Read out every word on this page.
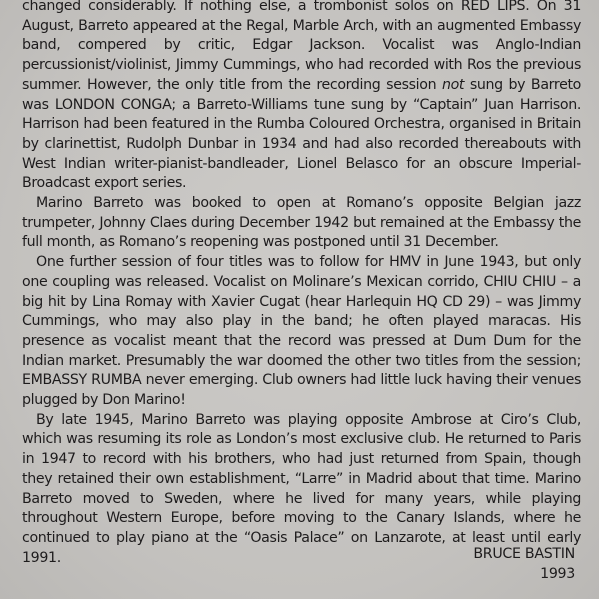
changed considerably. If nothing else, a trombonist solos on RED LIPS. On 31 August, Barreto appeared at the Regal, Marble Arch, with an augmented Embassy band, compered by critic, Edgar Jackson. Vocalist was Anglo-Indian percussionist/violinist, Jimmy Cummings, who had recorded with Ros the previous summer. However, the only title from the recording session not sung by Barreto was LONDON CONGA; a Barreto-Williams tune sung by “Captain” Juan Harrison. Harrison had been featured in the Rumba Coloured Orchestra, organised in Britain by clarinettist, Rudolph Dunbar in 1934 and had also recorded thereabouts with West Indian writer-pianist-bandleader, Lionel Belasco for an obscure Imperial-Broadcast export series.

Marino Barreto was booked to open at Romano’s opposite Belgian jazz trumpeter, Johnny Claes during December 1942 but remained at the Embassy the full month, as Romano’s reopening was postponed until 31 December.

One further session of four titles was to follow for HMV in June 1943, but only one coupling was released. Vocalist on Molinare’s Mexican corrido, CHIU CHIU – a big hit by Lina Romay with Xavier Cugat (hear Harlequin HQ CD 29) – was Jimmy Cummings, who may also play in the band; he often played maracas. His presence as vocalist meant that the record was pressed at Dum Dum for the Indian market. Presumably the war doomed the other two titles from the session; EMBASSY RUMBA never emerging. Club owners had little luck having their venues plugged by Don Marino!

By late 1945, Marino Barreto was playing opposite Ambrose at Ciro’s Club, which was resuming its role as London’s most exclusive club. He returned to Paris in 1947 to record with his brothers, who had just returned from Spain, though they retained their own establishment, “Larre” in Madrid about that time. Marino Barreto moved to Sweden, where he lived for many years, while playing throughout Western Europe, before moving to the Canary Islands, where he continued to play piano at the “Oasis Palace” on Lanzarote, at least until early 1991.	BRUCE BASTIN
1993
